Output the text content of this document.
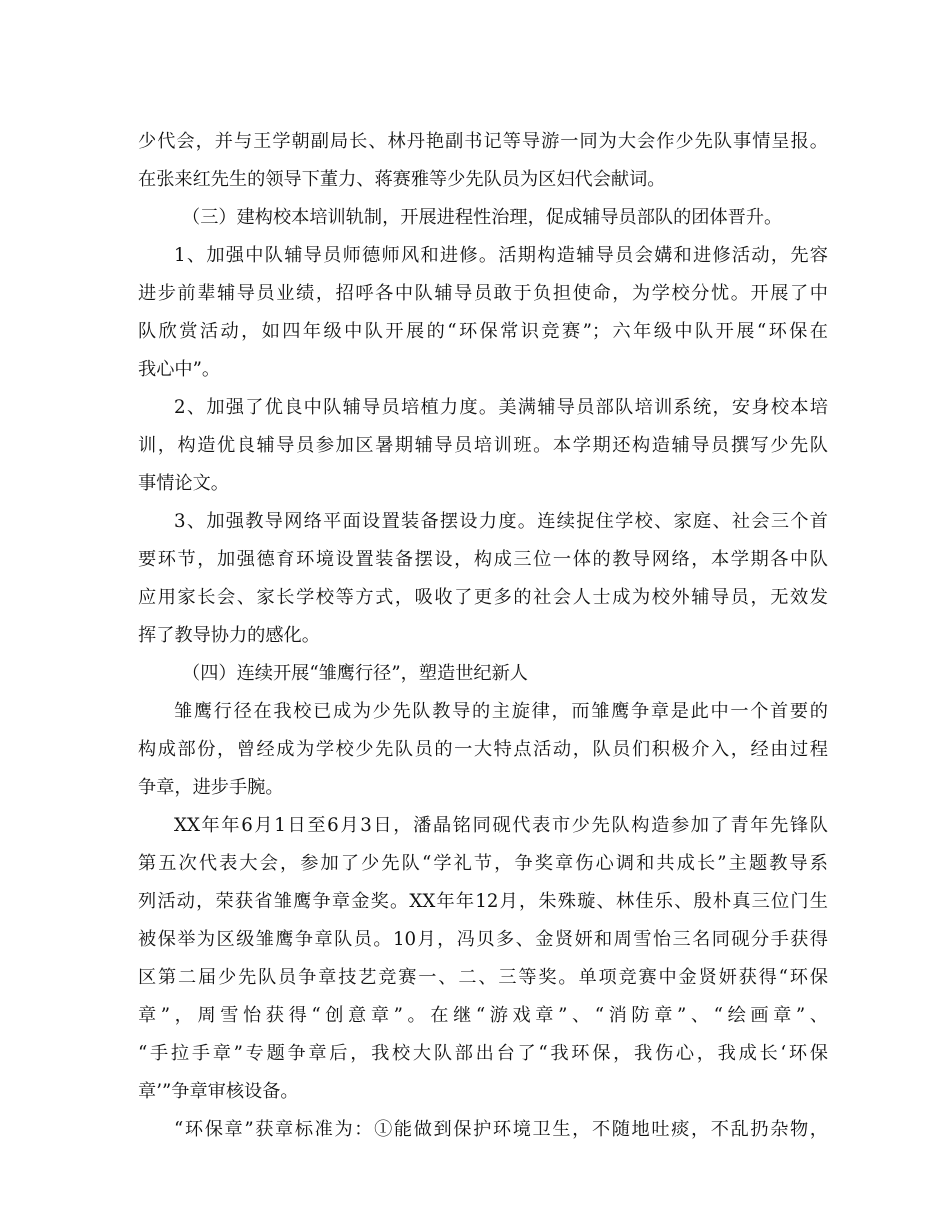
少代会，并与王学朝副局长、林丹艳副书记等导游一同为大会作少先队事情呈报。
在张来红先生的领导下董力、蒋赛雅等少先队员为区妇代会献词。
（三）建构校本培训轨制，开展进程性治理，促成辅导员部队的团体晋升。
1、加强中队辅导员师德师风和进修。活期构造辅导员会媾和进修活动，先容
进步前辈辅导员业绩，招呼各中队辅导员敢于负担使命，为学校分忧。开展了中
队欣赏活动，如四年级中队开展的“环保常识竞赛”；六年级中队开展“环保在
我心中”。
2、加强了优良中队辅导员培植力度。美满辅导员部队培训系统，安身校本培
训，构造优良辅导员参加区暑期辅导员培训班。本学期还构造辅导员撰写少先队
事情论文。
3、加强教导网络平面设置装备摆设力度。连续捉住学校、家庭、社会三个首
要环节，加强德育环境设置装备摆设，构成三位一体的教导网络，本学期各中队
应用家长会、家长学校等方式，吸收了更多的社会人士成为校外辅导员，无效发
挥了教导协力的感化。
（四）连续开展“雏鹰行径”，塑造世纪新人
雏鹰行径在我校已成为少先队教导的主旋律，而雏鹰争章是此中一个首要的
构成部份，曾经成为学校少先队员的一大特点活动，队员们积极介入，经由过程
争章，进步手腕。
XX年年6月1日至6月3日，潘晶铭同砚代表市少先队构造参加了青年先锋队
第五次代表大会，参加了少先队“学礼节，争奖章伤心调和共成长”主题教导系
列活动，荣获省雏鹰争章金奖。XX年年12月，朱殊璇、林佳乐、殷朴真三位门生
被保举为区级雏鹰争章队员。10月，冯贝多、金贤妍和周雪怡三名同砚分手获得
区第二届少先队员争章技艺竞赛一、二、三等奖。单项竞赛中金贤妍获得“环保
章”，周雪怡获得“创意章”。在继“游戏章”、“消防章”、“绘画章”、
“手拉手章”专题争章后，我校大队部出台了“我环保，我伤心，我成长‘环保
章’”争章审核设备。
“环保章”获章标准为：①能做到保护环境卫生，不随地吐痰，不乱扔杂物，
